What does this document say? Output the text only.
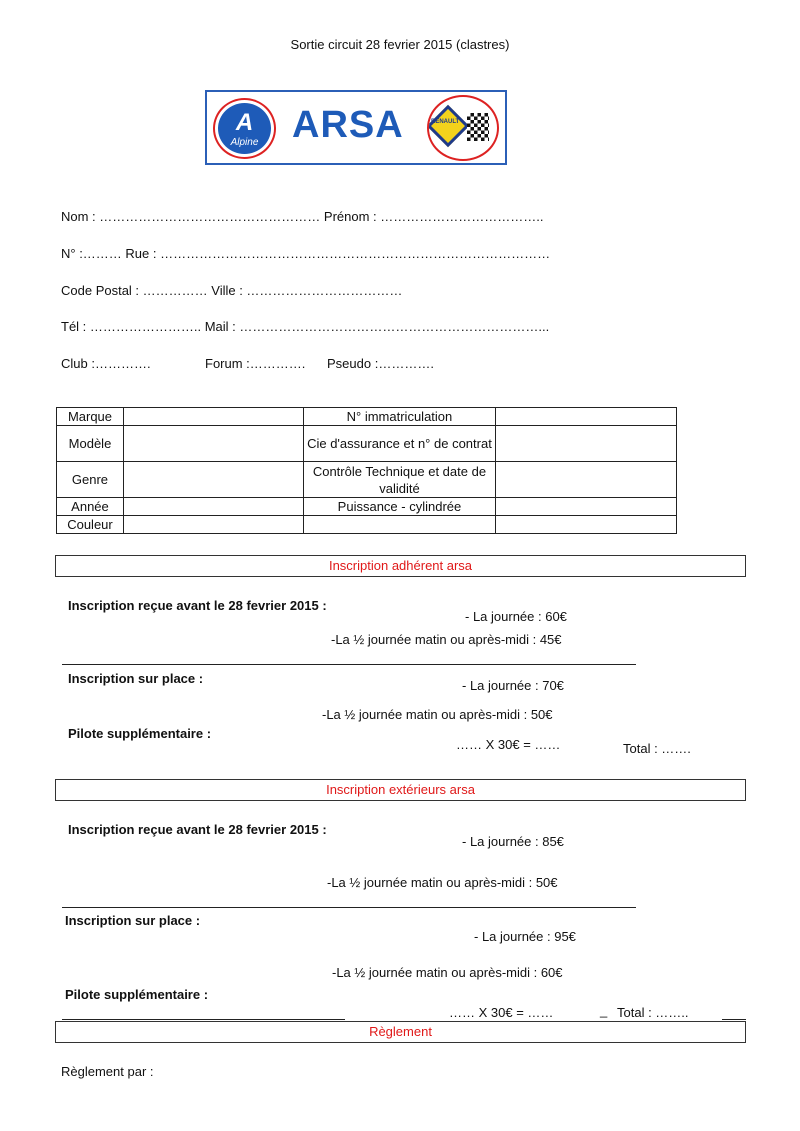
Sortie circuit 28 fevrier 2015 (clastres)
A
Alpine ARSA	RENAULT
Nom : …………………………………………… Prénom : ………………………………..
N° :……… Rue : ………………………………………………………………………………
Code Postal : …………… Ville : ………………………………
Tél : …………………….. Mail : ……………………………………………………………...
Club :………….	Forum :…………. Pseudo :………….
Marque		N° immatriculation	
Modèle		Cie d'assurance et n° de contrat	
Genre		Contrôle Technique et date de validité	
Année		Puissance - cylindrée	
Couleur			
Inscription adhérent arsa
Inscription reçue avant le 28 fevrier 2015 :
- La journée : 60€
-La ½ journée matin ou après-midi : 45€
Inscription sur place :	- La journée : 70€
-La ½ journée matin ou après-midi : 50€
Pilote supplémentaire :
…… X 30€ = ……	Total : …….
Inscription extérieurs arsa
Inscription reçue avant le 28 fevrier 2015 :
- La journée : 85€
-La ½ journée matin ou après-midi : 50€
Inscription sur place :
- La journée : 95€
-La ½ journée matin ou après-midi : 60€
Pilote supplémentaire :
…… X 30€ = ……	_ Total : ……..
Règlement
Règlement par :
